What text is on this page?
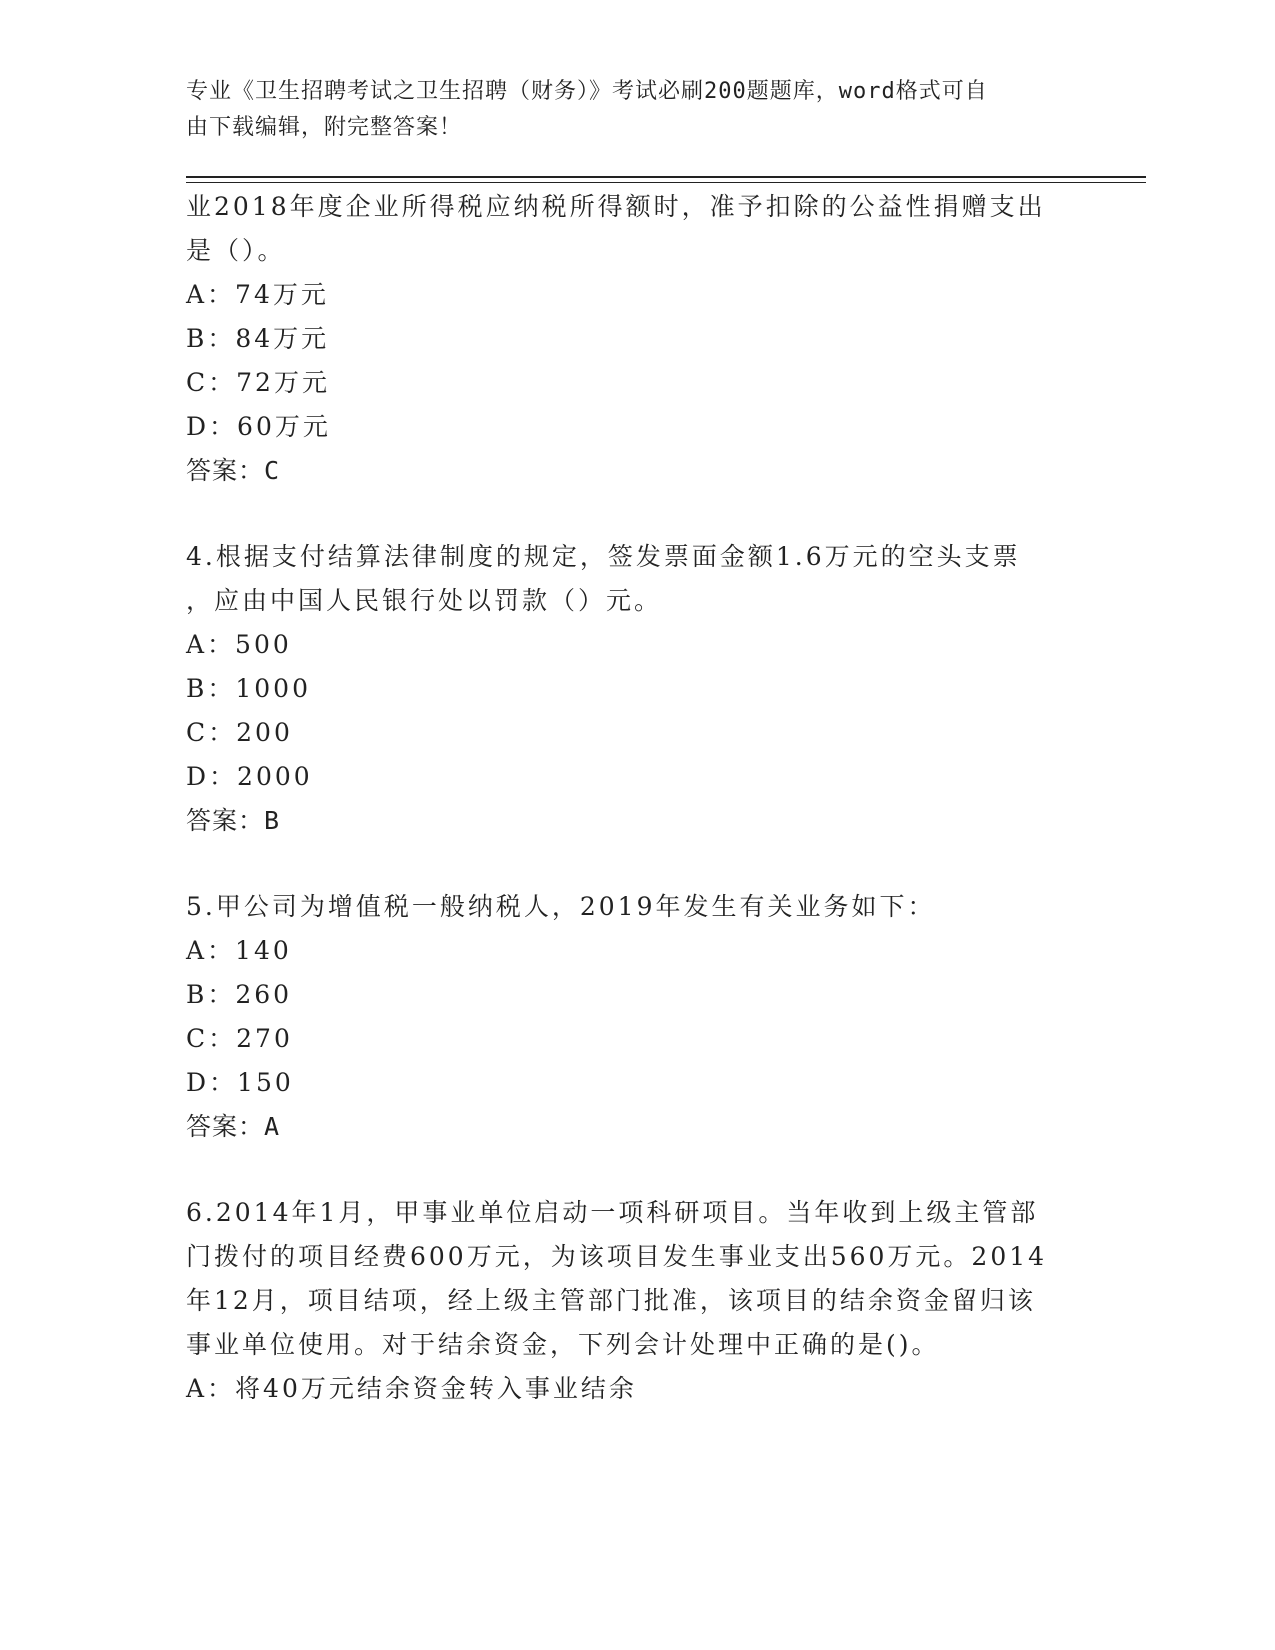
专业《卫生招聘考试之卫生招聘（财务）》考试必刷200题题库，word格式可自
由下载编辑，附完整答案！
业2018年度企业所得税应纳税所得额时，准予扣除的公益性捐赠支出
是（）。
A：74万元
B：84万元
C：72万元
D：60万元
答案：C
4.根据支付结算法律制度的规定，签发票面金额1.6万元的空头支票
，应由中国人民银行处以罚款（）元。
A：500
B：1000
C：200
D：2000
答案：B
5.甲公司为增值税一般纳税人，2019年发生有关业务如下：
A：140
B：260
C：270
D：150
答案：A
6.2014年1月，甲事业单位启动一项科研项目。当年收到上级主管部
门拨付的项目经费600万元，为该项目发生事业支出560万元。2014
年12月，项目结项，经上级主管部门批准，该项目的结余资金留归该
事业单位使用。对于结余资金，下列会计处理中正确的是()。
A：将40万元结余资金转入事业结余
